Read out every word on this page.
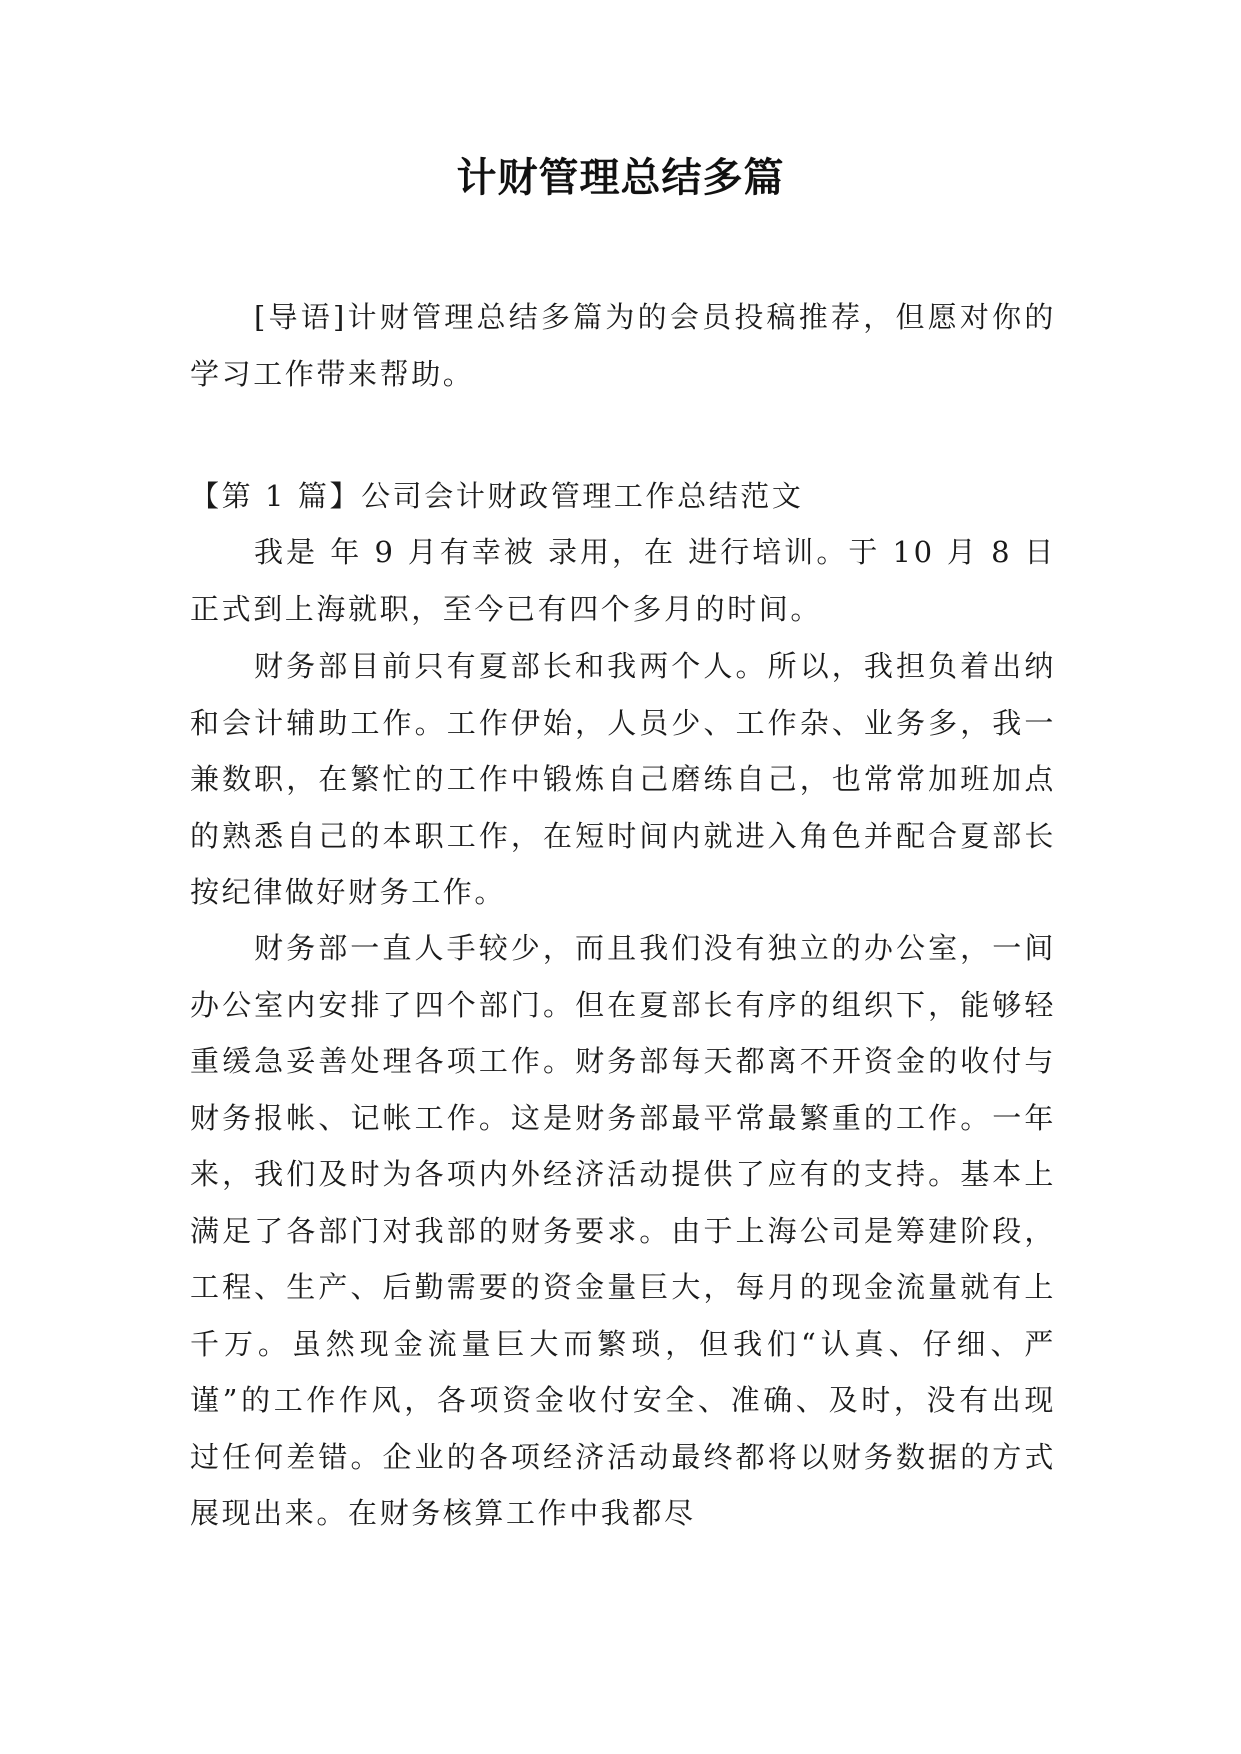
计财管理总结多篇

[导语]计财管理总结多篇为的会员投稿推荐，但愿对你的学习工作带来帮助。

【第 1 篇】公司会计财政管理工作总结范文

我是 年 9 月有幸被 录用，在 进行培训。于 10 月 8 日正式到上海就职，至今已有四个多月的时间。

财务部目前只有夏部长和我两个人。所以，我担负着出纳和会计辅助工作。工作伊始，人员少、工作杂、业务多，我一兼数职，在繁忙的工作中锻炼自己磨练自己，也常常加班加点的熟悉自己的本职工作，在短时间内就进入角色并配合夏部长按纪律做好财务工作。

财务部一直人手较少，而且我们没有独立的办公室，一间办公室内安排了四个部门。但在夏部长有序的组织下，能够轻重缓急妥善处理各项工作。财务部每天都离不开资金的收付与财务报帐、记帐工作。这是财务部最平常最繁重的工作。一年来，我们及时为各项内外经济活动提供了应有的支持。基本上满足了各部门对我部的财务要求。由于上海公司是筹建阶段，工程、生产、后勤需要的资金量巨大，每月的现金流量就有上千万。虽然现金流量巨大而繁琐，但我们“认真、仔细、严谨”的工作作风，各项资金收付安全、准确、及时，没有出现过任何差错。企业的各项经济活动最终都将以财务数据的方式展现出来。在财务核算工作中我都尽
